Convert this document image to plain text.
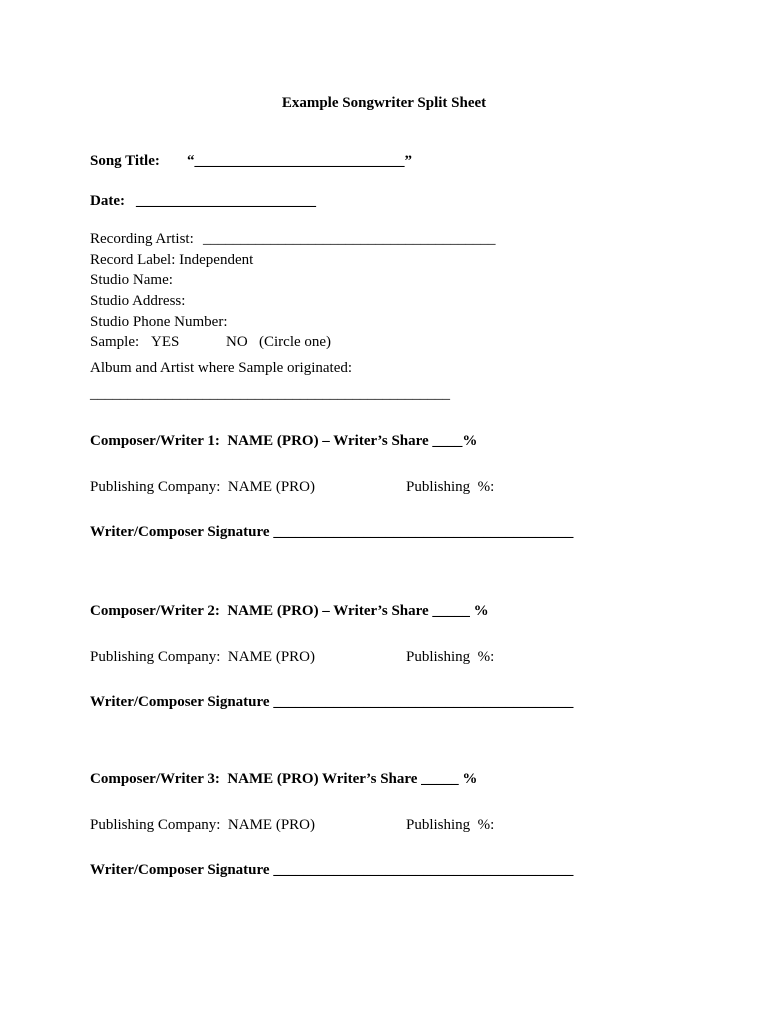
Example Songwriter Split Sheet
Song Title: “____________________________”
Date: ________________________
Recording Artist: _______________________________________
Record Label: Independent
Studio Name:
Studio Address:
Studio Phone Number:
Sample: YES	NO (Circle one)
Album and Artist where Sample originated:
________________________________________________
Composer/Writer 1:  NAME (PRO) – Writer’s Share ____%
Publishing Company:  NAME (PRO)	Publishing  %:
Writer/Composer Signature ________________________________________
Composer/Writer 2:  NAME (PRO) – Writer’s Share _____ %
Publishing Company:  NAME (PRO)	Publishing  %:
Writer/Composer Signature ________________________________________
Composer/Writer 3:  NAME (PRO) Writer’s Share _____ %
Publishing Company:  NAME (PRO)	Publishing  %:
Writer/Composer Signature ________________________________________
